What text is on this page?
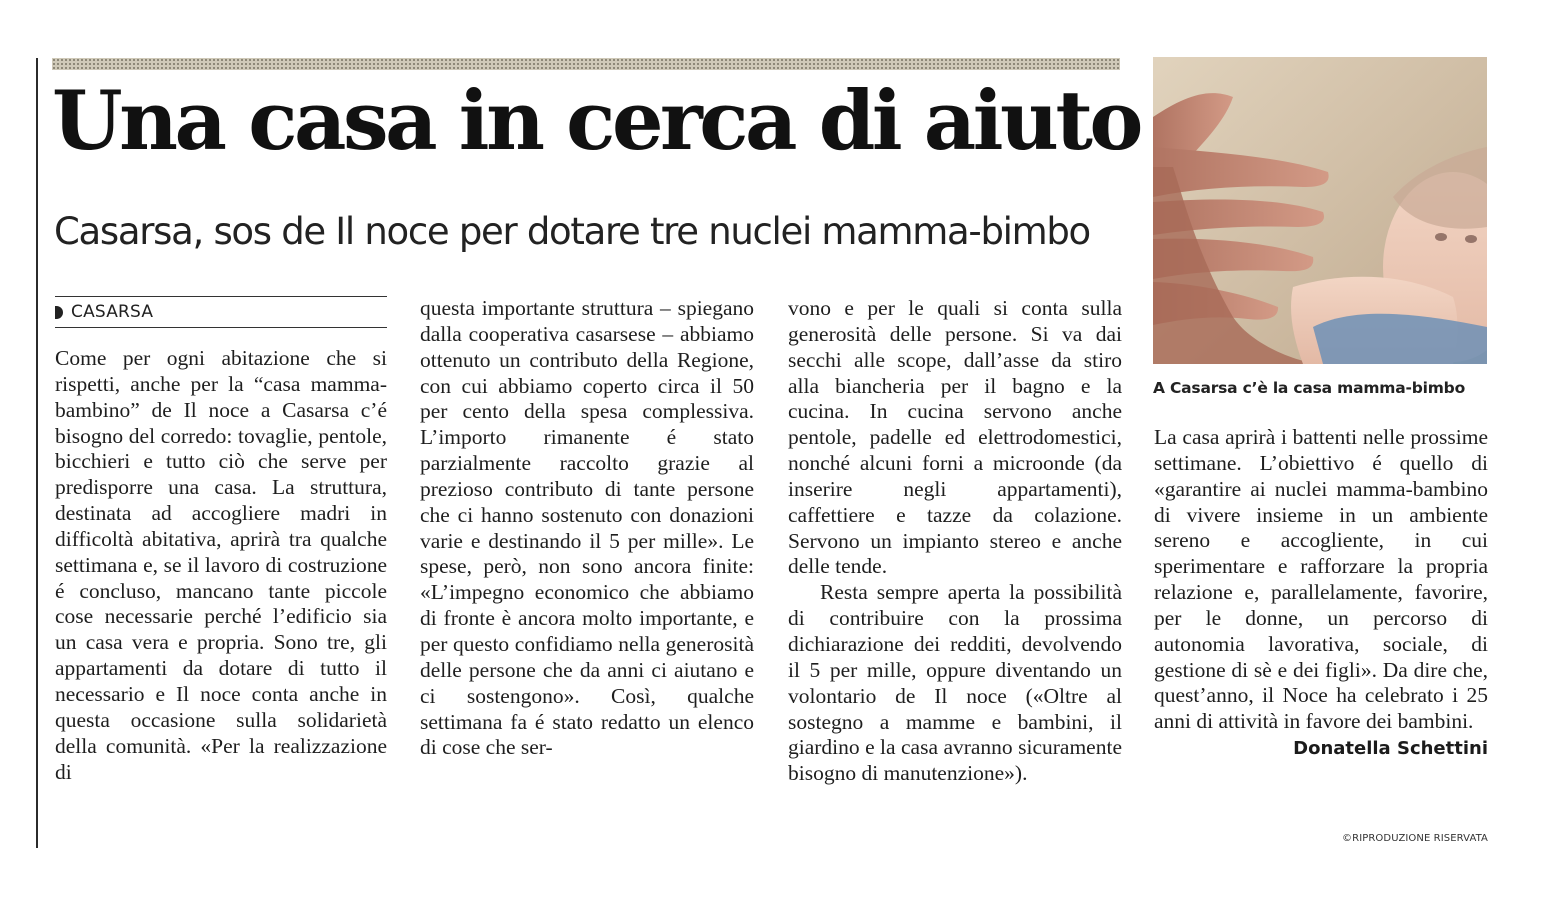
Una casa in cerca di aiuto
Casarsa, sos de Il noce per dotare tre nuclei mamma-bimbo
CASARSA

Come per ogni abitazione che si rispetti, anche per la “casa mamma-bambino” de Il noce a Casarsa c’é bisogno del corredo: tovaglie, pentole, bicchieri e tutto ciò che serve per predisporre una casa. La struttura, destinata ad accogliere madri in difficoltà abitativa, aprirà tra qualche settimana e, se il lavoro di costruzione é concluso, mancano tante piccole cose necessarie perché l’edificio sia un casa vera e propria. Sono tre, gli appartamenti da dotare di tutto il necessario e Il noce conta anche in questa occasione sulla solidarietà della comunità. «Per la realizzazione di

questa importante struttura – spiegano dalla cooperativa casarsese – abbiamo ottenuto un contributo della Regione, con cui abbiamo coperto circa il 50 per cento della spesa complessiva. L’importo rimanente é stato parzialmente raccolto grazie al prezioso contributo di tante persone che ci hanno sostenuto con donazioni varie e destinando il 5 per mille». Le spese, però, non sono ancora finite: «L’impegno economico che abbiamo di fronte è ancora molto importante, e per questo confidiamo nella generosità delle persone che da anni ci aiutano e ci sostengono». Così, qualche settimana fa é stato redatto un elenco di cose che ser-

vono e per le quali si conta sulla generosità delle persone. Si va dai secchi alle scope, dall’asse da stiro alla biancheria per il bagno e la cucina. In cucina servono anche pentole, padelle ed elettrodomestici, nonché alcuni forni a microonde (da inserire negli appartamenti), caffettiere e tazze da colazione. Servono un impianto stereo e anche delle tende.

Resta sempre aperta la possibilità di contribuire con la prossima dichiarazione dei redditi, devolvendo il 5 per mille, oppure diventando un volontario de Il noce («Oltre al sostegno a mamme e bambini, il giardino e la casa avranno sicuramente bisogno di manutenzione»).

A Casarsa c’è la casa mamma-bimbo

La casa aprirà i battenti nelle prossime settimane. L’obiettivo é quello di «garantire ai nuclei mamma-bambino di vivere insieme in un ambiente sereno e accogliente, in cui sperimentare e rafforzare la propria relazione e, parallelamente, favorire, per le donne, un percorso di autonomia lavorativa, sociale, di gestione di sè e dei figli». Da dire che, quest’anno, il Noce ha celebrato i 25 anni di attività in favore dei bambini.

Donatella Schettini

©RIPRODUZIONE RISERVATA
